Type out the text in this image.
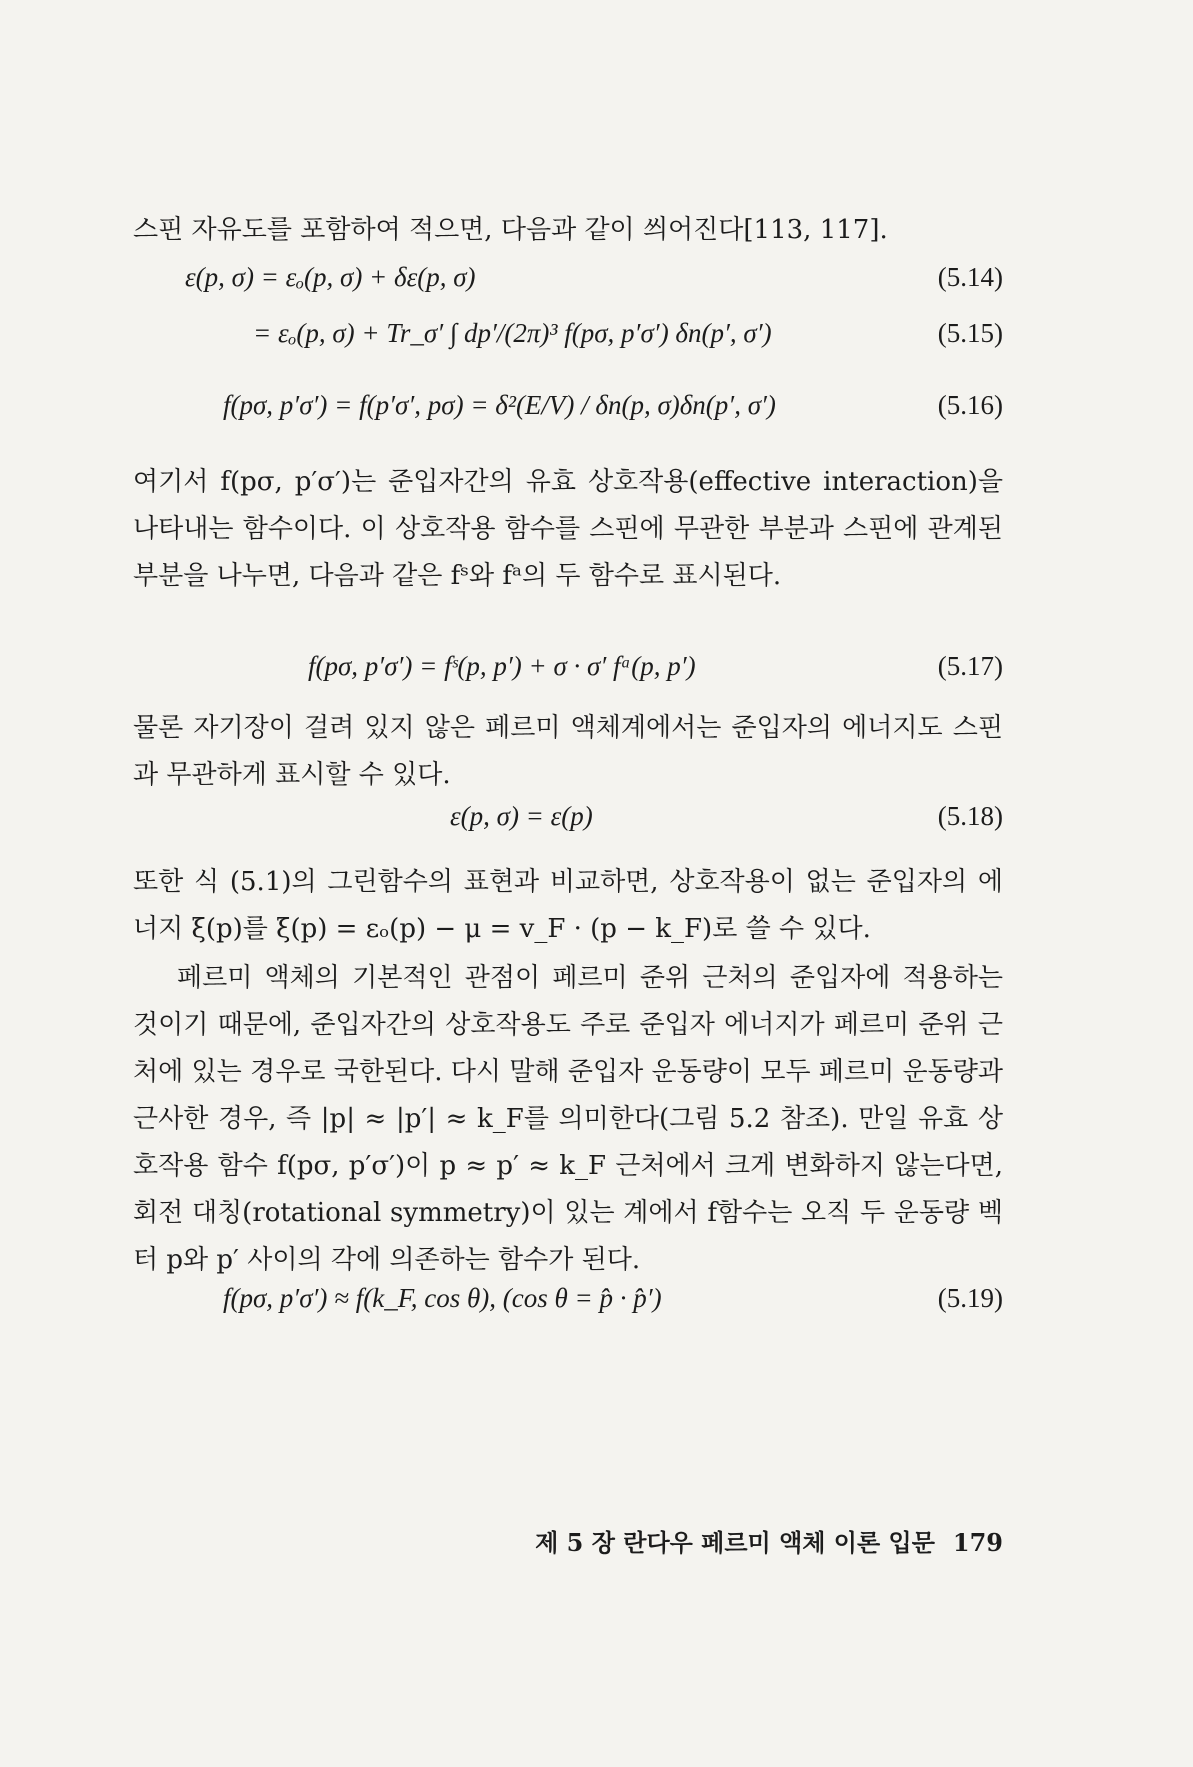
스핀 자유도를 포함하여 적으면, 다음과 같이 씌어진다[113, 117].

ε(p, σ) = εₒ(p, σ) + δε(p, σ)	(5.14)
= εₒ(p, σ) + Tr_σ′ ∫ dp′/(2π)³ f(pσ, p′σ′) δn(p′, σ′)	(5.15)
f(pσ, p′σ′) = f(p′σ′, pσ) = δ²(E/V) / δn(p, σ)δn(p′, σ′)	(5.16)

여기서 f(pσ, p′σ′)는 준입자간의 유효 상호작용(effective interaction)을 나타내는 함수이다. 이 상호작용 함수를 스핀에 무관한 부분과 스핀에 관계된 부분을 나누면, 다음과 같은 fˢ와 fᵃ의 두 함수로 표시된다.

f(pσ, p′σ′) = fˢ(p, p′) + σ · σ′ fᵃ(p, p′)	(5.17)

물론 자기장이 걸려 있지 않은 페르미 액체계에서는 준입자의 에너지도 스핀과 무관하게 표시할 수 있다.

ε(p, σ) = ε(p)	(5.18)

또한 식 (5.1)의 그린함수의 표현과 비교하면, 상호작용이 없는 준입자의 에너지 ξ(p)를 ξ(p) = εₒ(p) − μ = v_F · (p − k_F)로 쓸 수 있다.

페르미 액체의 기본적인 관점이 페르미 준위 근처의 준입자에 적용하는 것이기 때문에, 준입자간의 상호작용도 주로 준입자 에너지가 페르미 준위 근처에 있는 경우로 국한된다. 다시 말해 준입자 운동량이 모두 페르미 운동량과 근사한 경우, 즉 |p| ≈ |p′| ≈ k_F를 의미한다(그림 5.2 참조). 만일 유효 상호작용 함수 f(pσ, p′σ′)이 p ≈ p′ ≈ k_F 근처에서 크게 변화하지 않는다면, 회전 대칭(rotational symmetry)이 있는 계에서 f함수는 오직 두 운동량 벡터 p와 p′ 사이의 각에 의존하는 함수가 된다.

f(pσ, p′σ′) ≈ f(k_F, cos θ), (cos θ = p̂ · p̂′)	(5.19)
제 5 장 란다우 페르미 액체 이론 입문 179
